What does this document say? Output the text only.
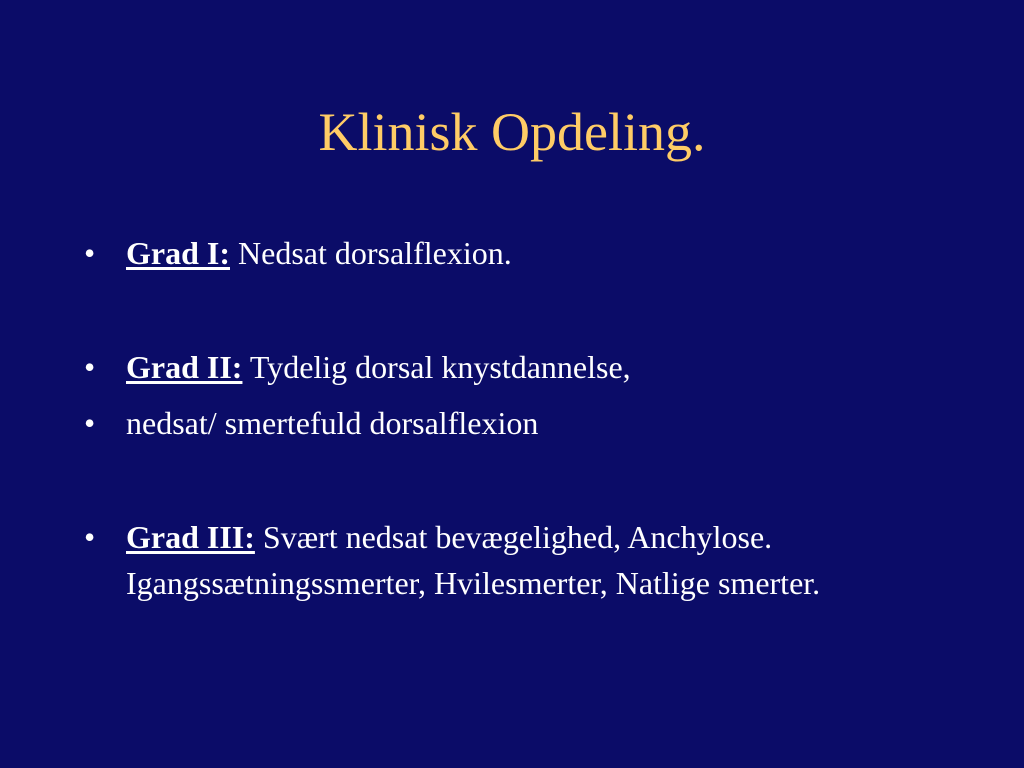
Klinisk Opdeling.
• Grad I: Nedsat dorsalflexion.
• Grad II: Tydelig dorsal knystdannelse,
• nedsat/ smertefuld dorsalflexion
• Grad III: Svært nedsat bevægelighed, Anchylose. Igangssætningssmerter, Hvilesmerter, Natlige smerter.
